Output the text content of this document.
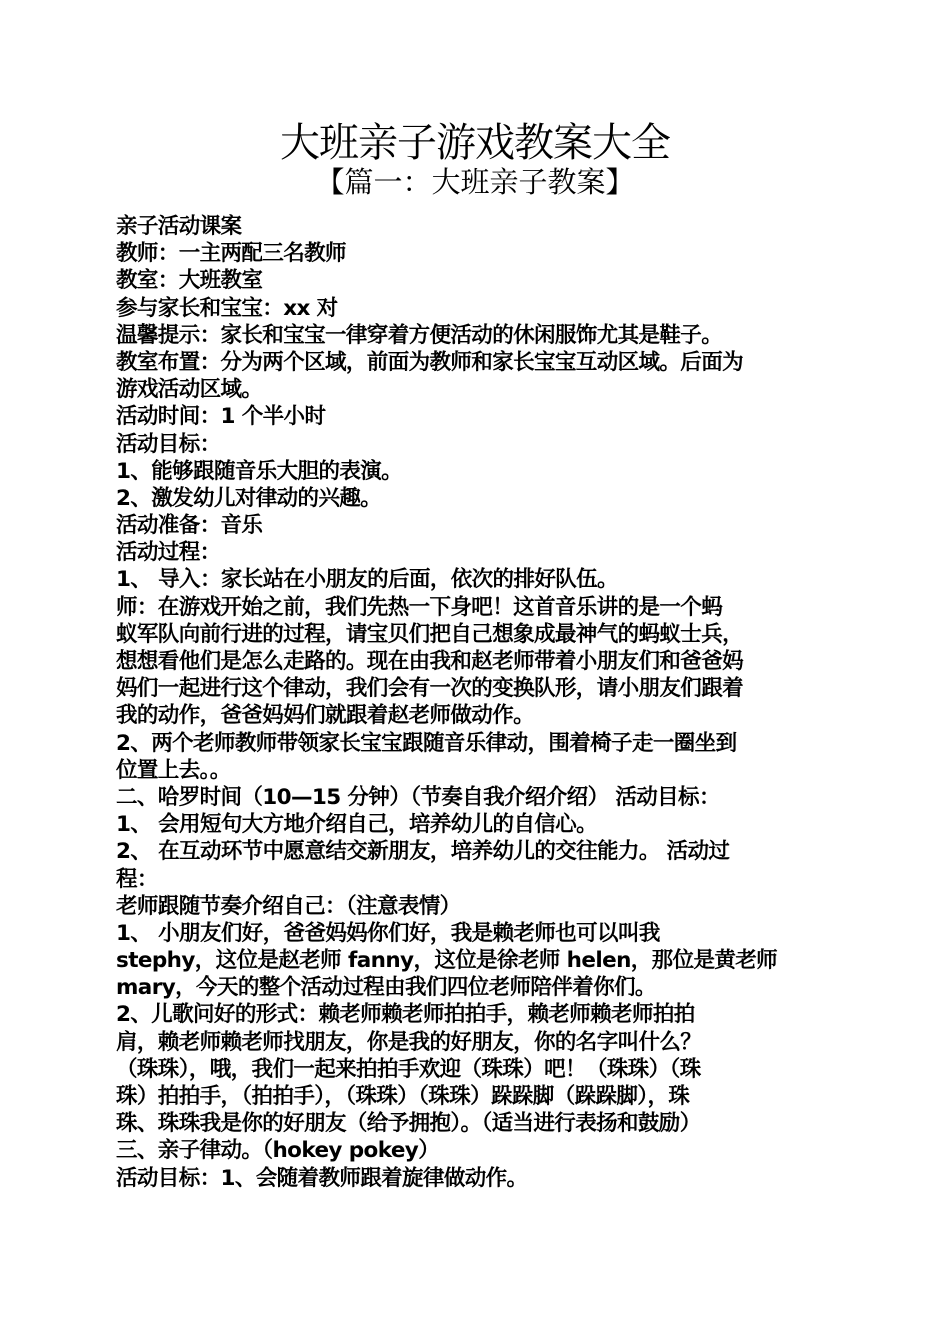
大班亲子游戏教案大全
【篇一：大班亲子教案】
亲子活动课案
教师：一主两配三名教师
教室：大班教室
参与家长和宝宝：xx 对
温馨提示：家长和宝宝一律穿着方便活动的休闲服饰尤其是鞋子。
教室布置：分为两个区域，前面为教师和家长宝宝互动区域。后面为
游戏活动区域。
活动时间：1 个半小时
活动目标：
1、能够跟随音乐大胆的表演。
2、激发幼儿对律动的兴趣。
活动准备：音乐
活动过程：
1、 导入：家长站在小朋友的后面，依次的排好队伍。
师：在游戏开始之前，我们先热一下身吧！这首音乐讲的是一个蚂
蚁军队向前行进的过程，请宝贝们把自己想象成最神气的蚂蚁士兵，
想想看他们是怎么走路的。现在由我和赵老师带着小朋友们和爸爸妈
妈们一起进行这个律动，我们会有一次的变换队形，请小朋友们跟着
我的动作，爸爸妈妈们就跟着赵老师做动作。
2、两个老师教师带领家长宝宝跟随音乐律动，围着椅子走一圈坐到
位置上去。。
二、哈罗时间（10—15 分钟）（节奏自我介绍介绍） 活动目标：
1、 会用短句大方地介绍自己，培养幼儿的自信心。
2、 在互动环节中愿意结交新朋友，培养幼儿的交往能力。 活动过
程：
老师跟随节奏介绍自己：（注意表情）
1、 小朋友们好，爸爸妈妈你们好，我是赖老师也可以叫我
stephy，这位是赵老师 fanny，这位是徐老师 helen，那位是黄老师
mary，今天的整个活动过程由我们四位老师陪伴着你们。
2、儿歌问好的形式：赖老师赖老师拍拍手，赖老师赖老师拍拍
肩，赖老师赖老师找朋友，你是我的好朋友，你的名字叫什么？
（珠珠），哦，我们一起来拍拍手欢迎（珠珠）吧！（珠珠）（珠
珠）拍拍手，（拍拍手），（珠珠）（珠珠）跺跺脚（跺跺脚），珠
珠、珠珠我是你的好朋友（给予拥抱）。（适当进行表扬和鼓励）
三、亲子律动。（hokey pokey）
活动目标：1、会随着教师跟着旋律做动作。
